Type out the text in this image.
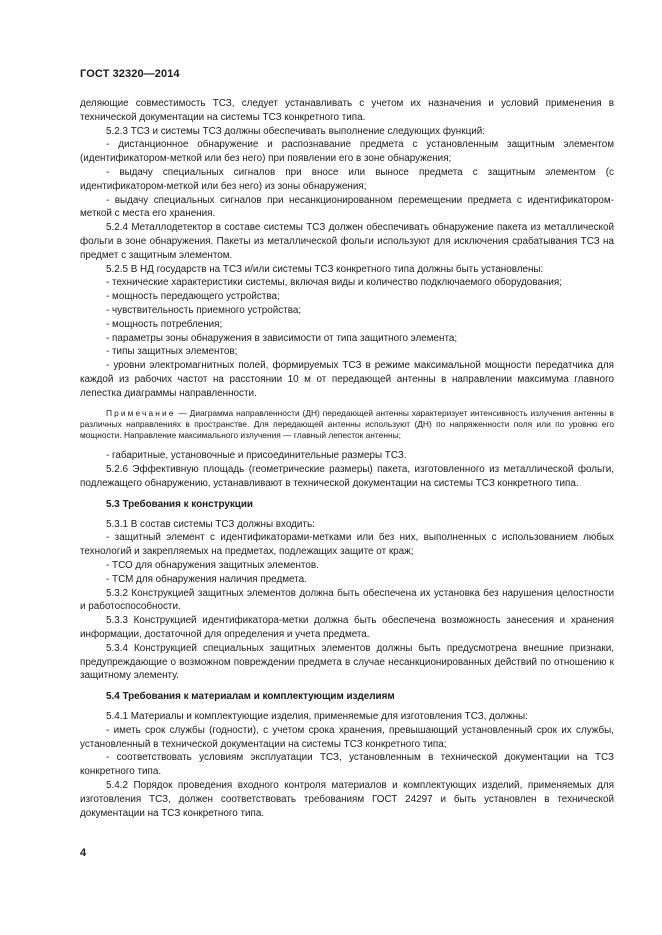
ГОСТ 32320—2014

деляющие совместимость ТСЗ, следует устанавливать с учетом их назначения и условий применения в технической документации на системы ТСЗ конкретного типа.

5.2.3 ТСЗ и системы ТСЗ должны обеспечивать выполнение следующих функций:

- дистанционное обнаружение и распознавание предмета с установленным защитным элементом (идентификатором-меткой или без него) при появлении его в зоне обнаружения;

- выдачу специальных сигналов при вносе или выносе предмета с защитным элементом (с идентификатором-меткой или без него) из зоны обнаружения;

- выдачу специальных сигналов при несанкционированном перемещении предмета с идентификатором-меткой с места его хранения.

5.2.4 Металлодетектор в составе системы ТСЗ должен обеспечивать обнаружение пакета из металлической фольги в зоне обнаружения. Пакеты из металлической фольги используют для исключения срабатывания ТСЗ на предмет с защитным элементом.

5.2.5 В НД государств на ТСЗ и/или системы ТСЗ конкретного типа должны быть установлены:

- технические характеристики системы, включая виды и количество подключаемого оборудования;

- мощность передающего устройства;

- чувствительность приемного устройства;

- мощность потребления;

- параметры зоны обнаружения в зависимости от типа защитного элемента;

- типы защитных элементов;

- уровни электромагнитных полей, формируемых ТСЗ в режиме максимальной мощности передатчика для каждой из рабочих частот на расстоянии 10 м от передающей антенны в направлении максимума главного лепестка диаграммы направленности.

Примечание — Диаграмма направленности (ДН) передающей антенны характеризует интенсивность излучения антенны в различных направлениях в пространстве. Для передающей антенны используют (ДН) по напряженности поля или по уровню его мощности. Направление максимального излучения — главный лепесток антенны;

- габаритные, установочные и присоединительные размеры ТСЗ.

5.2.6 Эффективную площадь (геометрические размеры) пакета, изготовленного из металлической фольги, подлежащего обнаружению, устанавливают в технической документации на системы ТСЗ конкретного типа.

5.3 Требования к конструкции

5.3.1 В состав системы ТСЗ должны входить:

- защитный элемент с идентификаторами-метками или без них, выполненных с использованием любых технологий и закрепляемых на предметах, подлежащих защите от краж;

- ТСО для обнаружения защитных элементов.

- ТСМ для обнаружения наличия предмета.

5.3.2 Конструкцией защитных элементов должна быть обеспечена их установка без нарушения целостности и работоспособности.

5.3.3 Конструкцией идентификатора-метки должна быть обеспечена возможность занесения и хранения информации, достаточной для определения и учета предмета.

5.3.4 Конструкцией специальных защитных элементов должны быть предусмотрена внешние признаки, предупреждающие о возможном повреждении предмета в случае несанкционированных действий по отношению к защитному элементу.

5.4 Требования к материалам и комплектующим изделиям

5.4.1 Материалы и комплектующие изделия, применяемые для изготовления ТСЗ, должны:

- иметь срок службы (годности), с учетом срока хранения, превышающий установленный срок их службы, установленный в технической документации на системы ТСЗ конкретного типа;

- соответствовать условиям эксплуатации ТСЗ, установленным в технической документации на ТСЗ конкретного типа.

5.4.2 Порядок проведения входного контроля материалов и комплектующих изделий, применяемых для изготовления ТСЗ, должен соответствовать требованиям ГОСТ 24297 и быть установлен в технической документации на ТСЗ конкретного типа.

4
